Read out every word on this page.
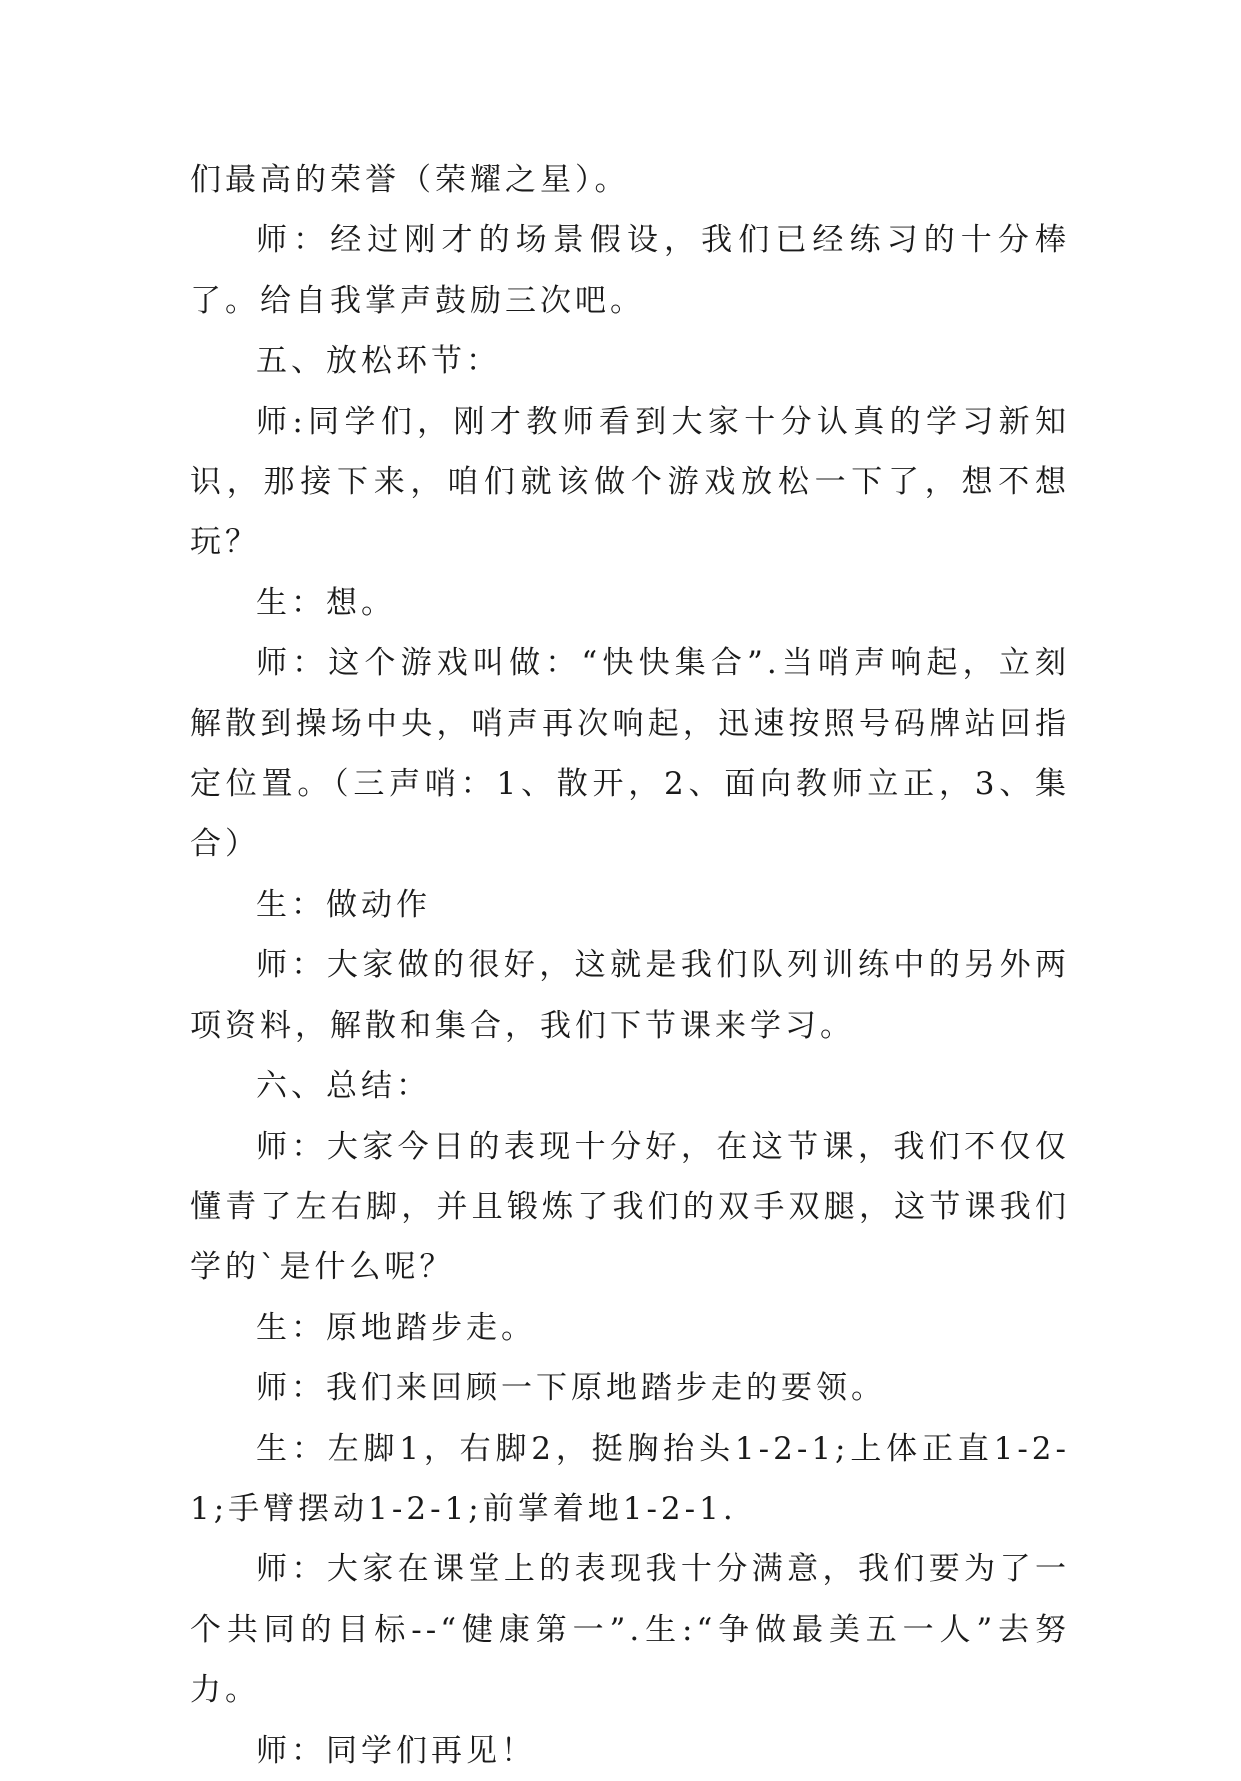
们最高的荣誉（荣耀之星）。

师：经过刚才的场景假设，我们已经练习的十分棒了。给自我掌声鼓励三次吧。

五、放松环节：

师:同学们，刚才教师看到大家十分认真的学习新知识，那接下来，咱们就该做个游戏放松一下了，想不想玩？

生：想。

师：这个游戏叫做：“快快集合”.当哨声响起，立刻解散到操场中央，哨声再次响起，迅速按照号码牌站回指定位置。（三声哨：1、散开，2、面向教师立正，3、集合）

生：做动作

师：大家做的很好，这就是我们队列训练中的另外两项资料，解散和集合，我们下节课来学习。

六、总结：

师：大家今日的表现十分好，在这节课，我们不仅仅懂青了左右脚，并且锻炼了我们的双手双腿，这节课我们学的`是什么呢？

生：原地踏步走。

师：我们来回顾一下原地踏步走的要领。

生：左脚1，右脚2，挺胸抬头1-2-1;上体正直1-2-1;手臂摆动1-2-1;前掌着地1-2-1.

师：大家在课堂上的表现我十分满意，我们要为了一个共同的目标--“健康第一”.生:“争做最美五一人”去努力。

师：同学们再见！
